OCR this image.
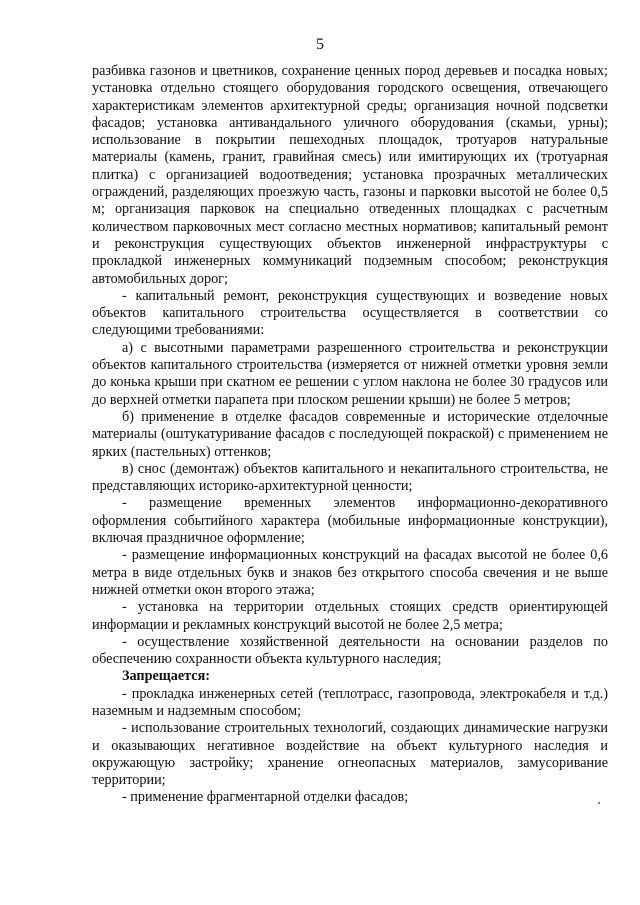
5

разбивка газонов и цветников, сохранение ценных пород деревьев и посадка новых; установка отдельно стоящего оборудования городского освещения, отвечающего характеристикам элементов архитектурной среды; организация ночной подсветки фасадов; установка антивандального уличного оборудования (скамьи, урны); использование в покрытии пешеходных площадок, тротуаров натуральные материалы (камень, гранит, гравийная смесь) или имитирующих их (тротуарная плитка) с организацией водоотведения; установка прозрачных металлических ограждений, разделяющих проезжую часть, газоны и парковки высотой не более 0,5 м; организация парковок на специально отведенных площадках с расчетным количеством парковочных мест согласно местных нормативов; капитальный ремонт и реконструкция существующих объектов инженерной инфраструктуры с прокладкой инженерных коммуникаций подземным способом; реконструкция автомобильных дорог;

- капитальный ремонт, реконструкция существующих и возведение новых объектов капитального строительства осуществляется в соответствии со следующими требованиями:

а) с высотными параметрами разрешенного строительства и реконструкции объектов капитального строительства (измеряется от нижней отметки уровня земли до конька крыши при скатном ее решении с углом наклона не более 30 градусов или до верхней отметки парапета при плоском решении крыши) не более 5 метров;

б) применение в отделке фасадов современные и исторические отделочные материалы (оштукатуривание фасадов с последующей покраской) с применением не ярких (пастельных) оттенков;

в) снос (демонтаж) объектов капитального и некапитального строительства, не представляющих историко-архитектурной ценности;

- размещение временных элементов информационно-декоративного оформления событийного характера (мобильные информационные конструкции), включая праздничное оформление;

- размещение информационных конструкций на фасадах высотой не более 0,6 метра в виде отдельных букв и знаков без открытого способа свечения и не выше нижней отметки окон второго этажа;

- установка на территории отдельных стоящих средств ориентирующей информации и рекламных конструкций высотой не более 2,5 метра;

- осуществление хозяйственной деятельности на основании разделов по обеспечению сохранности объекта культурного наследия;

Запрещается:

- прокладка инженерных сетей (теплотрасс, газопровода, электрокабеля и т.д.) наземным и надземным способом;

- использование строительных технологий, создающих динамические нагрузки и оказывающих негативное воздействие на объект культурного наследия и окружающую застройку; хранение огнеопасных материалов, замусоривание территории;

- применение фрагментарной отделки фасадов;
